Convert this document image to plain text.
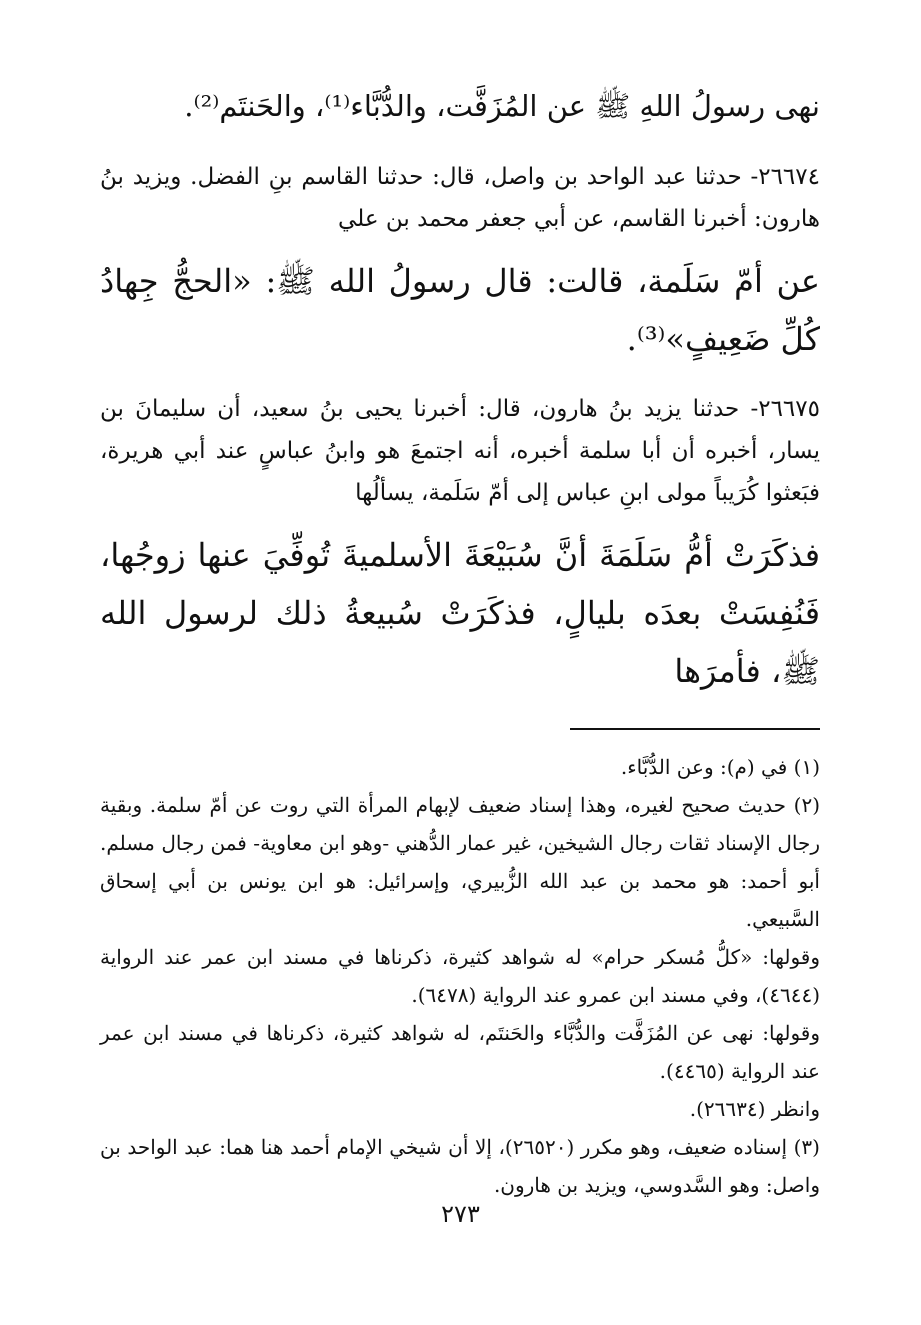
نهى رسولُ اللهِ ﷺ عن المُزَفَّت، والدُّبَّاء⁽¹⁾، والحَنتَم⁽²⁾.

٢٦٦٧٤- حدثنا عبد الواحد بن واصل، قال: حدثنا القاسم بنِ الفضل. ويزيد بنُ هارون: أخبرنا القاسم، عن أبي جعفر محمد بن علي

عن أمّ سَلَمة، قالت: قال رسولُ الله ﷺ: «الحجُّ جِهادُ كُلِّ ضَعِيفٍ»⁽³⁾.

٢٦٦٧٥- حدثنا يزيد بنُ هارون، قال: أخبرنا يحيى بنُ سعيد، أن سليمانَ بن يسار، أخبره أن أبا سلمة أخبره، أنه اجتمعَ هو وابنُ عباسٍ عند أبي هريرة، فبَعثوا كُرَيباً مولى ابنِ عباس إلى أمّ سَلَمة، يسألُها

فذكَرَتْ أمُّ سَلَمَةَ أنَّ سُبَيْعَةَ الأسلميةَ تُوفِّيَ عنها زوجُها، فَنُفِسَتْ بعدَه بليالٍ، فذكَرَتْ سُبيعةُ ذلك لرسول الله ﷺ، فأمرَها

(١) في (م): وعن الدُّبَّاء.

(٢) حديث صحيح لغيره، وهذا إسناد ضعيف لإبهام المرأة التي روت عن أمّ سلمة. وبقية رجال الإسناد ثقات رجال الشيخين، غير عمار الدُّهني -وهو ابن معاوية- فمن رجال مسلم. أبو أحمد: هو محمد بن عبد الله الزُّبيري، وإسرائيل: هو ابن يونس بن أبي إسحاق السَّبيعي.

وقولها: «كلُّ مُسكر حرام» له شواهد كثيرة، ذكرناها في مسند ابن عمر عند الرواية (٤٦٤٤)، وفي مسند ابن عمرو عند الرواية (٦٤٧٨).

وقولها: نهى عن المُزَفَّت والدُّبَّاء والحَنتَم، له شواهد كثيرة، ذكرناها في مسند ابن عمر عند الرواية (٤٤٦٥).

وانظر (٢٦٦٣٤).

(٣) إسناده ضعيف، وهو مكرر (٢٦٥٢٠)، إلا أن شيخي الإمام أحمد هنا هما: عبد الواحد بن واصل: وهو السَّدوسي، ويزيد بن هارون.

٢٧٣
